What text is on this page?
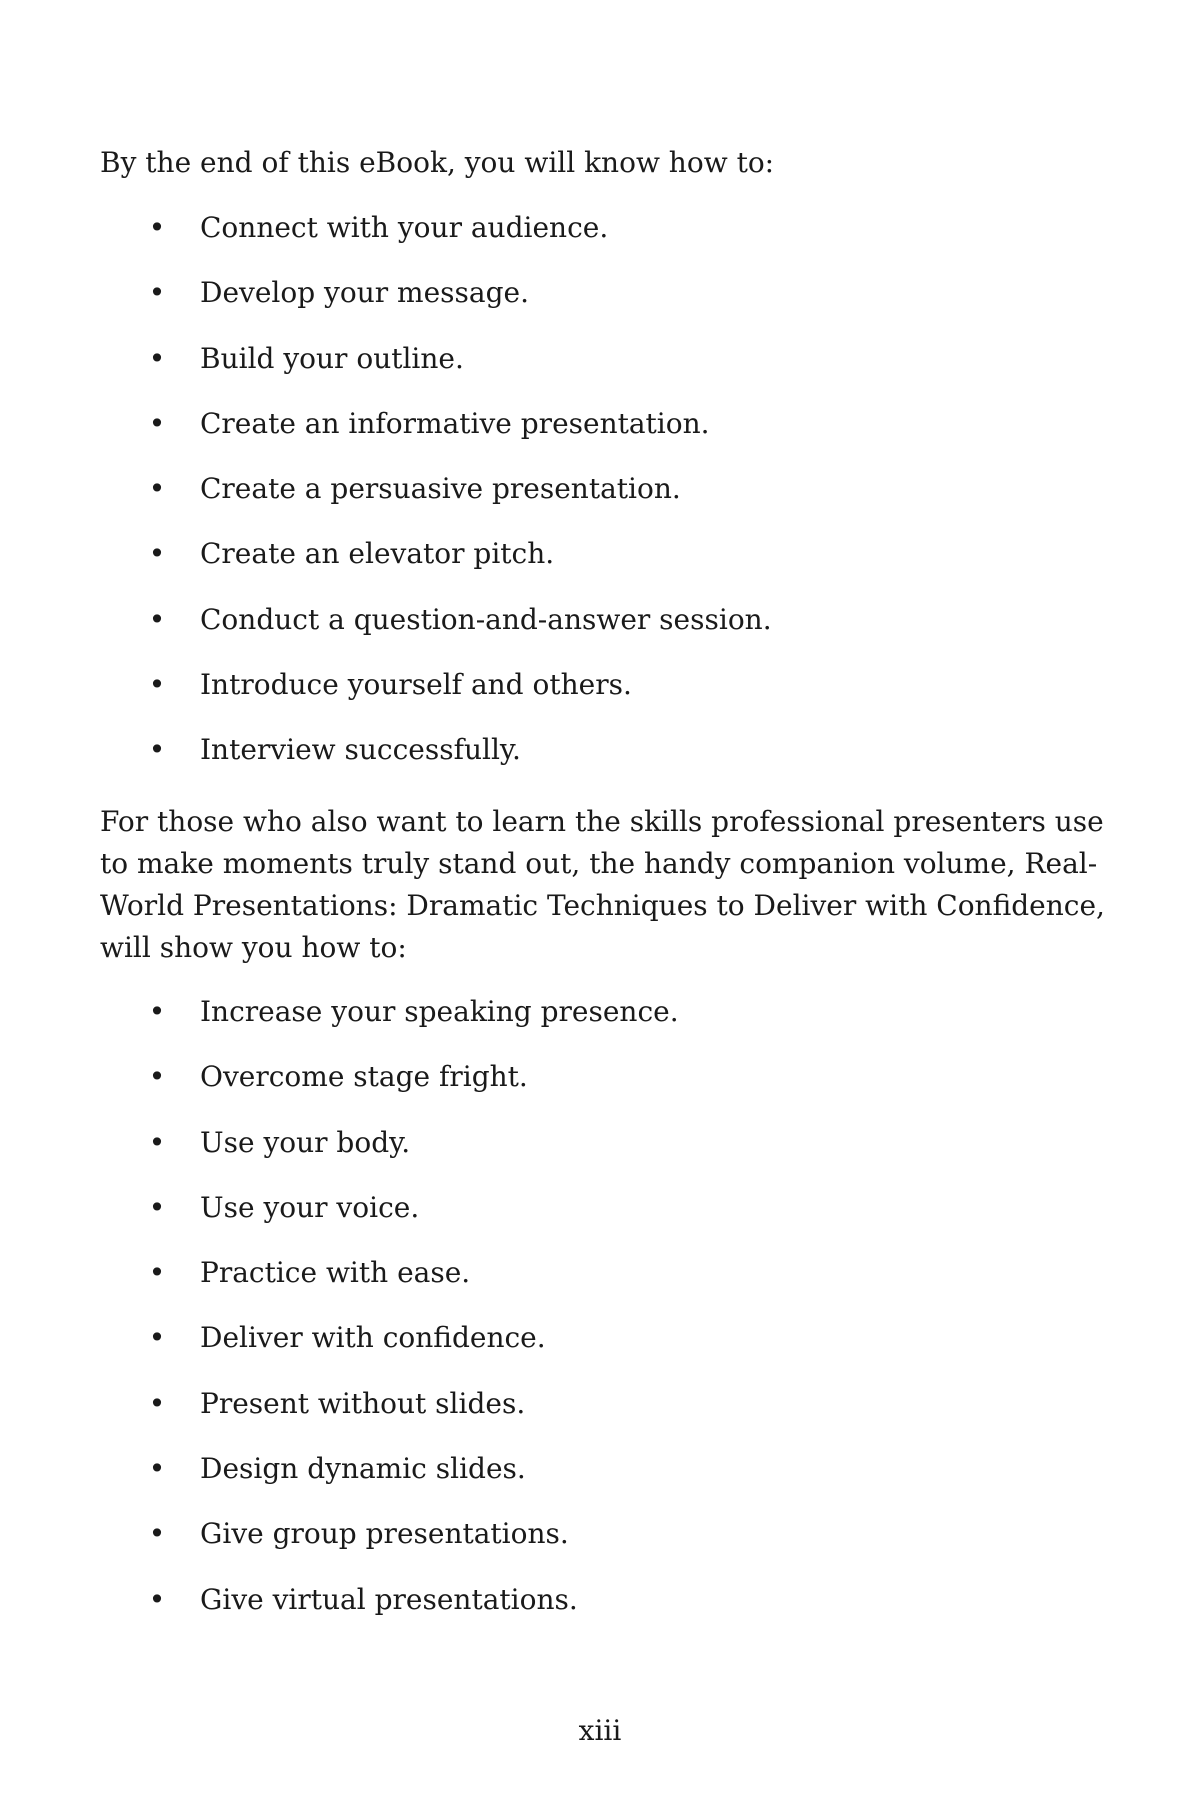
By the end of this eBook, you will know how to:

• Connect with your audience.
• Develop your message.
• Build your outline.
• Create an informative presentation.
• Create a persuasive presentation.
• Create an elevator pitch.
• Conduct a question-and-answer session.
• Introduce yourself and others.
• Interview successfully.

For those who also want to learn the skills professional presenters use to make moments truly stand out, the handy companion volume, Real-World Presentations: Dramatic Techniques to Deliver with Confidence, will show you how to:

• Increase your speaking presence.
• Overcome stage fright.
• Use your body.
• Use your voice.
• Practice with ease.
• Deliver with confidence.
• Present without slides.
• Design dynamic slides.
• Give group presentations.
• Give virtual presentations.

xiii
